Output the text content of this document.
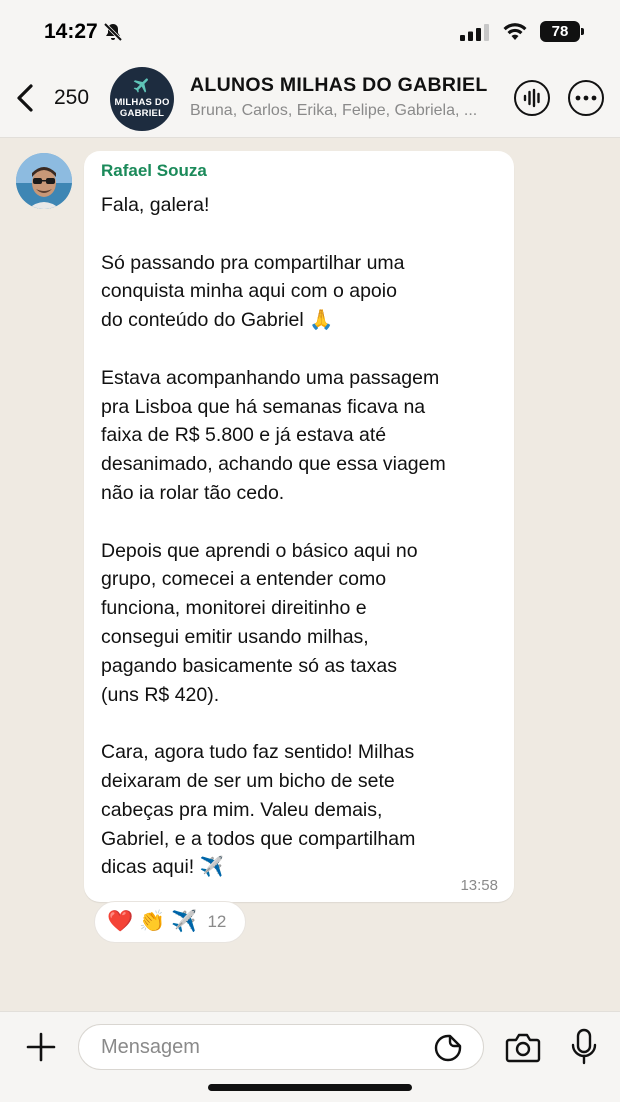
14:27	78
250	MILHAS DO
GABRIEL
ALUNOS MILHAS DO GABRIEL
Bruna, Carlos, Erika, Felipe, Gabriela, ...
Rafael Souza
Fala, galera!

Só passando pra compartilhar uma
conquista minha aqui com o apoio
do conteúdo do Gabriel 🙏

Estava acompanhando uma passagem
pra Lisboa que há semanas ficava na
faixa de R$ 5.800 e já estava até
desanimado, achando que essa viagem
não ia rolar tão cedo.

Depois que aprendi o básico aqui no
grupo, comecei a entender como
funciona, monitorei direitinho e
consegui emitir usando milhas,
pagando basicamente só as taxas
(uns R$ 420).

Cara, agora tudo faz sentido! Milhas
deixaram de ser um bicho de sete
cabeças pra mim. Valeu demais,
Gabriel, e a todos que compartilham
dicas aqui! ✈️
13:58
❤️ 👏 ✈️ 12
Mensagem
